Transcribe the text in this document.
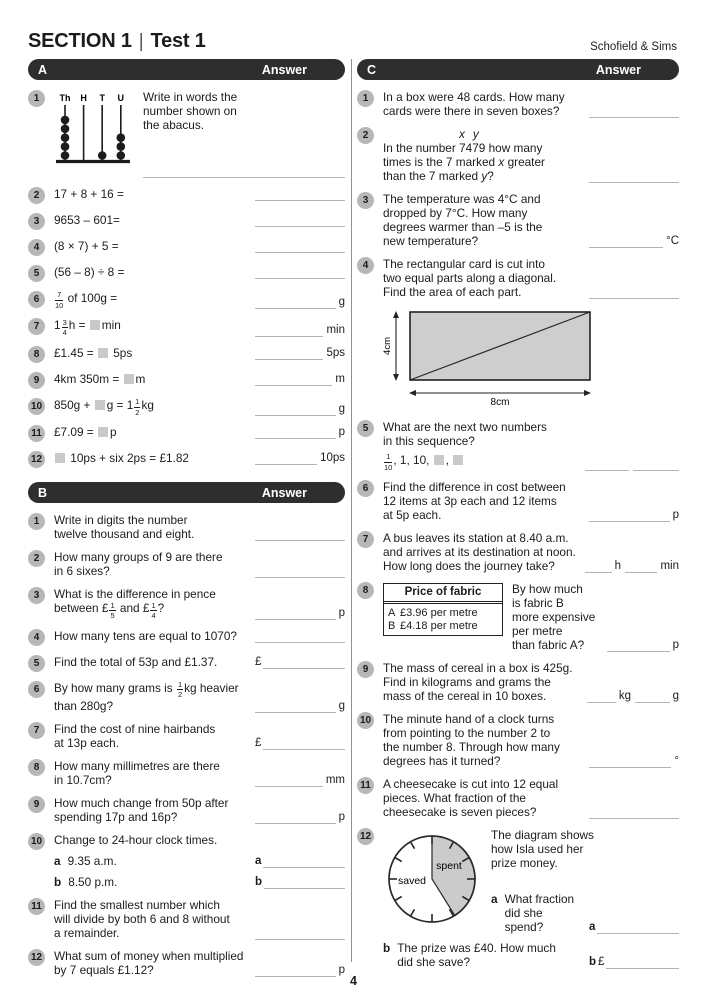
SECTION 1 | Test 1	Schofield & Sims
A	Answer
1	Th H T U Write in words the
number shown on
the abacus.
2	17 + 8 + 16 =
3	9653 – 601=
4	(8 × 7) + 5 =
5	(56 – 8) ÷ 8 =
6	$\frac{7}{10}$ of 100g =	g
7	$1 \frac{3}{4}$ h = min	min
8	£1.45 =  5ps	5ps
9	4km 350m = m	m
10 $850g + g = 1 \frac{1}{2}$ kg	g
11 £7.09 = p	p
12	10ps + six 2ps = £1.82	10ps
B	Answer
1	Write in digits the number
twelve thousand and eight.
2	How many groups of 9 are there
in 6 sixes?
3	What is the difference in pence
between £ $\frac{1}{5}$ and £ $\frac{1}{4}$ ?	p
4	How many tens are equal to 1070?
5	Find the total of 53p and £1.37.	£
6	By how many grams is $\frac{1}{2}$ kg heavier
than 280g?	g
7	Find the cost of nine hairbands
at 13p each.	£
8	How many millimetres are there
in 10.7cm?	mm
9	How much change from 50p after
spending 17p and 16p?	p
10 Change to 24-hour clock times.
a 9.35 a.m.	a
b 8.50 p.m.	b
11 Find the smallest number which
will divide by both 6 and 8 without
a remainder.
12 What sum of money when multiplied
by 7 equals £1.12?	p
C	Answer
1	In a box were 48 cards. How many
cards were there in seven boxes?
2	x y
In the number 7479 how many
times is the 7 marked x greater
than the 7 marked y?
3	The temperature was 4°C and
dropped by 7°C. How many
degrees warmer than –5 is the
new temperature?	°C
4	The rectangular card is cut into
two equal parts along a diagonal.
Find the area of each part.
4cm
8cm
5	What are the next two numbers
in this sequence?
$\frac{1}{10}$ , 1, 10, ,
6	Find the difference in cost between
12 items at 3p each and 12 items
at 5p each.	p
7	A bus leaves its station at 8.40 a.m.
and arrives at its destination at noon.
How long does the journey take?	h	min
8	Price of fabric
A £3.96 per metre
B £4.18 per metre
By how much
is fabric B
more expensive
per metre
than fabric A?	p
9	The mass of cereal in a box is 425g.
Find in kilograms and grams the
mass of the cereal in 10 boxes.	kg	g
10 The minute hand of a clock turns
from pointing to the number 2 to
the number 8. Through how many
degrees has it turned?	°
11 A cheesecake is cut into 12 equal
pieces. What fraction of the
cheesecake is seven pieces?
12
saved
spent
The diagram shows
how Isla used her
prize money.
a What fraction
did she spend?	a
b The prize was £40. How much
did she save?	b £
4
